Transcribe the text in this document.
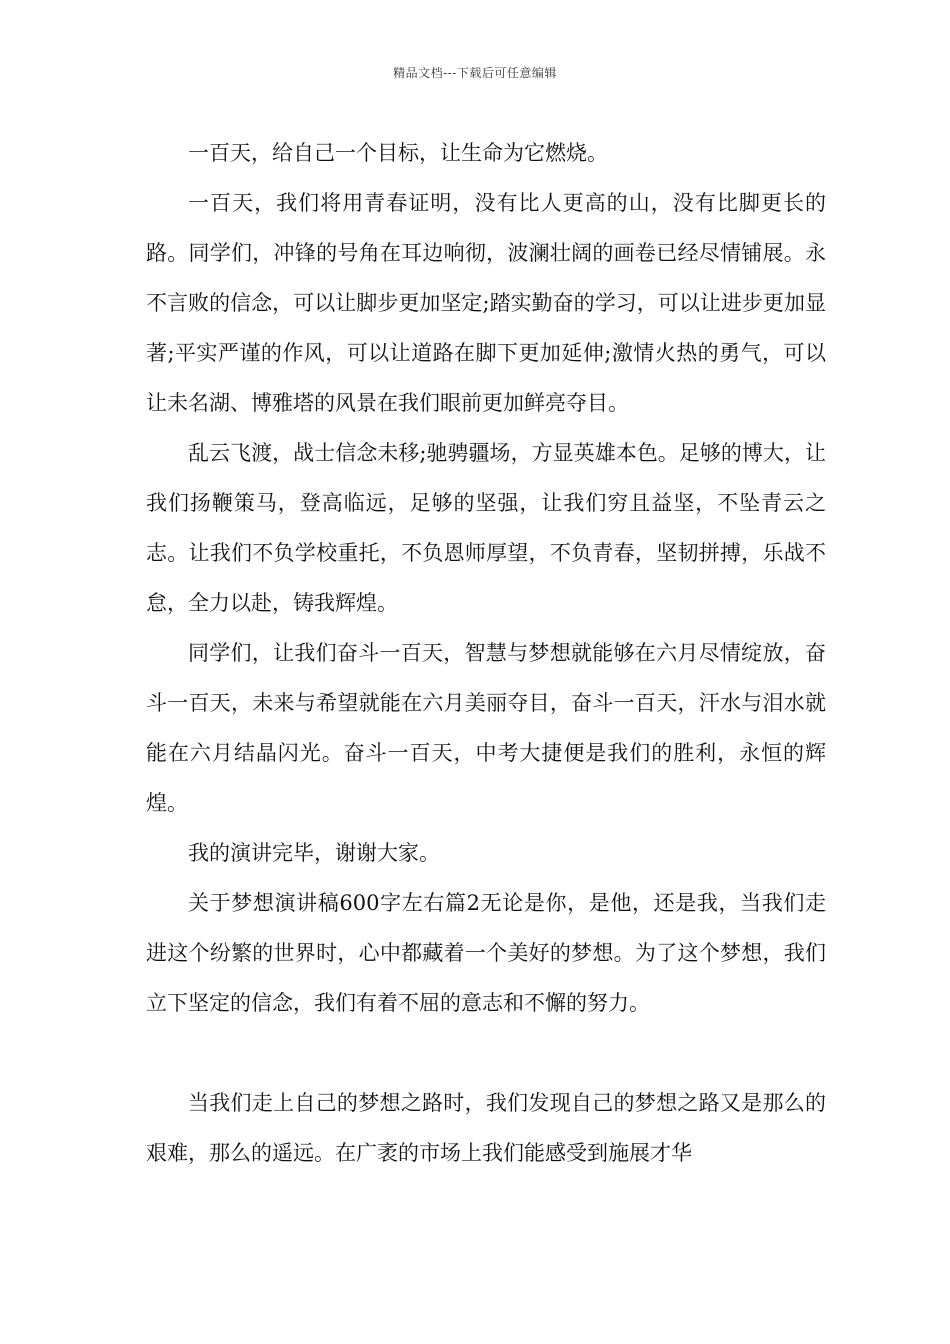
精品文档---下载后可任意编辑

一百天，给自己一个目标，让生命为它燃烧。

一百天，我们将用青春证明，没有比人更高的山，没有比脚更长的路。同学们，冲锋的号角在耳边响彻，波澜壮阔的画卷已经尽情铺展。永不言败的信念，可以让脚步更加坚定;踏实勤奋的学习，可以让进步更加显著;平实严谨的作风，可以让道路在脚下更加延伸;激情火热的勇气，可以让未名湖、博雅塔的风景在我们眼前更加鲜亮夺目。

乱云飞渡，战士信念未移;驰骋疆场，方显英雄本色。足够的博大，让我们扬鞭策马，登高临远，足够的坚强，让我们穷且益坚，不坠青云之志。让我们不负学校重托，不负恩师厚望，不负青春，坚韧拼搏，乐战不怠，全力以赴，铸我辉煌。

同学们，让我们奋斗一百天，智慧与梦想就能够在六月尽情绽放，奋斗一百天，未来与希望就能在六月美丽夺目，奋斗一百天，汗水与泪水就能在六月结晶闪光。奋斗一百天，中考大捷便是我们的胜利，永恒的辉煌。

我的演讲完毕，谢谢大家。

关于梦想演讲稿600字左右篇2无论是你，是他，还是我，当我们走进这个纷繁的世界时，心中都藏着一个美好的梦想。为了这个梦想，我们立下坚定的信念，我们有着不屈的意志和不懈的努力。

当我们走上自己的梦想之路时，我们发现自己的梦想之路又是那么的艰难，那么的遥远。在广袤的市场上我们能感受到施展才华
